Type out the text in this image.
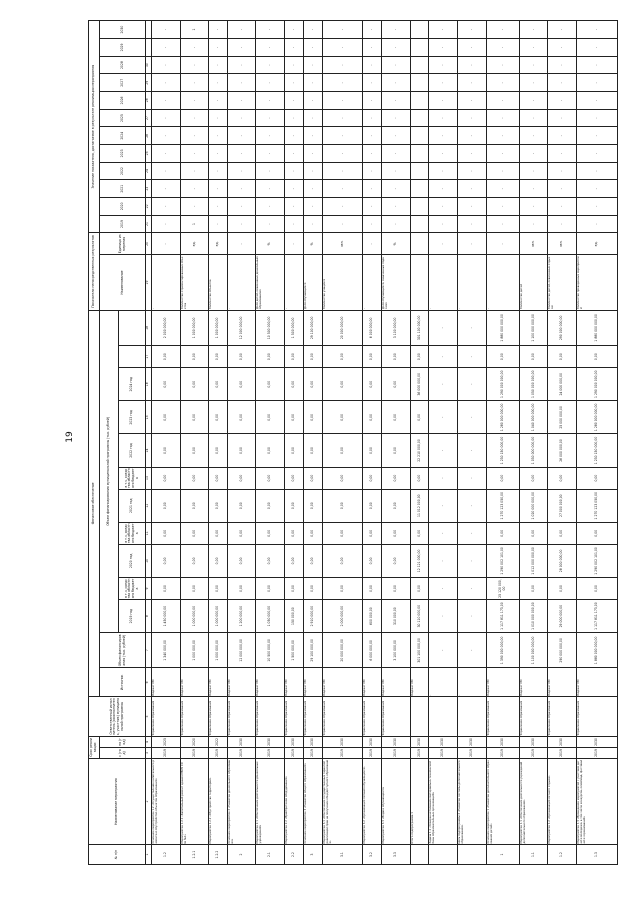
19
№ п/п	Наименование мероприятия	Срок реализации		Ответственный исполнитель (соисполнитель, участник) муниципальной программы	Финансовое обеспечение													Показатели непосредственных результатов		Значение показателя, достигаемое в результате реализации мероприятия											
		с (год)	по (год)		Источник	Объем финансирования (тыс. рублей)	Объем финансирования муниципальной программы (тыс. рублей)											Наименование	Единица измерения	2019	2020	2021	2022	2023	2024	2025	2026	2027	2028	2029	2030
							2019 год	в т.ч. средства областного бюджета	2020 год	в т.ч. средства областного бюджета	2021 год	в т.ч. средства областного бюджета	2022 год	2023 год	2024 год																
1	2	3	4	5	6	7	8	9	10	11	12	13	14	15	16	17	18	19	20	21	22	23	24	25	26	27	28	29	30		
1.2	Основное мероприятие 1.2 «Осуществление капитального ремонта и обустройство объектов образования»	2019	2025	Управление образования	Бюджет МО	1 340 000,00	1 450 000,00	0,00	0,00	0,00	0,00	0,00	0,00	0,00	0,00	0,00	2 000 000,00	-	-	-	-	-	-	-	-	-	-	-	-	-	-
1.2.1	Мероприятие 1.2.1 «Капитальный ремонт здания МБОУ СОШ №1»	2019	2020	Управление образования	Бюджет МО	1 000 000,00	1 000 000,00	0,00	0,00	0,00	0,00	0,00	0,00	0,00	0,00	0,00	1 000 000,00	Количество отремонтированных объектов	ед.	1	-	-	-	-	-	-	-	-	-	-	1
1.2.2	Мероприятие 1.2.2 «Обустройство территории»	2019	2022	Управление образования	Бюджет МО	1 000 000,00	1 000 000,00	0,00	0,00	0,00	0,00	0,00	0,00	0,00	0,00	0,00	1 000 000,00	Количество объектов	ед.	-	-	-	-	-	-	-	-	-	-	-	-
2	Основное мероприятие 2 «Развитие дошкольного образования»	2019	2030	Управление образования	Бюджет МО	12 000 000,00	1 200 000,00	0,00	0,00	0,00	0,00	0,00	0,00	0,00	0,00	0,00	12 000 000,00	-	-	-	-	-	-	-	-	-	-	-	-	-	-
2.1	Мероприятие 2.1 «Обеспечение деятельности дошкольных учреждений»	2019	2030	Управление образования	Бюджет МО	10 500 000,00	1 050 000,00	0,00	0,00	0,00	0,00	0,00	0,00	0,00	0,00	0,00	10 500 000,00	Доля детей, охваченных дошкольным образованием	%	-	-	-	-	-	-	-	-	-	-	-	-
2.2	Мероприятие 2.2 «Приобретение оборудования»	2019	2030	Управление образования	Бюджет МО	1 500 000,00	150 000,00	0,00	0,00	0,00	0,00	0,00	0,00	0,00	0,00	0,00	1 500 000,00	-	-	-	-	-	-	-	-	-	-	-	-	-	-
3	Основное мероприятие 3 «Развитие общего образования»	2019	2030	Управление образования	Бюджет МО	29 100 000,00	2 910 000,00	0,00	0,00	0,00	0,00	0,00	0,00	0,00	0,00	0,00	29 100 000,00	Доля обучающихся	%	-	-	-	-	-	-	-	-	-	-	-	-
3.1	Мероприятие 3.1 «Обеспечение государственных гарантий реализации прав на получение общедоступного образования»	2019	2030	Управление образования	Бюджет МО	20 000 000,00	2 000 000,00	0,00	0,00	0,00	0,00	0,00	0,00	0,00	0,00	0,00	20 000 000,00	Количество учащихся	чел.	-	-	-	-	-	-	-	-	-	-	-	-
3.2	Мероприятие 3.2 «Организация питания обучающихся»	2019	2030	Управление образования	Бюджет МО	6 000 000,00	600 000,00	0,00	0,00	0,00	0,00	0,00	0,00	0,00	0,00	0,00	6 000 000,00	-	-	-	-	-	-	-	-	-	-	-	-	-	-
3.3	Мероприятие 3.3 «Подвоз обучающихся»	2019	2030	Управление образования	Бюджет МО	3 100 000,00	310 000,00	0,00	0,00	0,00	0,00	0,00	0,00	0,00	0,00	0,00	3 100 000,00	Доля обучающихся, охваченных подвозом	%	-	-	-	-	-	-	-	-	-	-	-	-
	Итого подпрограмма 1	2019	2030		Бюджет МО	301 100 000,00	30 110 000,00	0,00	12 121 000,00	0,00	11 012 000,00	0,00	22 210 000,00	0,00	36 000 000,00	0,00	301 100 000,00														
	Задача 1.1 «Совершенствование материально-технической базы образовательных организаций»	2019	2030		-	-	-	-	-	-	-	-	-	-	-	-	-	-	-	-	-	-	-	-	-	-	-	-	-	-	-
	Цель подпрограммы 2 «Развитие системы дополнительного образования»	2019	2030		-	-	-	-	-	-	-	-	-	-	-	-	-	-	-	-	-	-	-	-	-	-	-	-	-	-	-
1	Основное мероприятие 1 «Развитие дополнительного образования детей»	2019	2030	Управление образования	Бюджет МО	1 390 000 000,00	1 117 811 173,00	25 120 000,00	1 290 002 101,00	0,00	1 270 123 050,00	0,00	1 230 150 000,00	1 280 000 000,00	1 290 000 000,00	0,00	1 880 000 000,00	-	-	-	-	-	-	-	-	-	-	-	-	-	-
1.1	Мероприятие 1.1 «Обеспечение деятельности учреждений дополнительного образования»	2019	2030	Управление образования	Бюджет МО	1 100 000 000,00	1 010 000 000,00	0,00	1 012 000 000,00	0,00	1 020 000 000,00	0,00	1 030 000 000,00	1 040 000 000,00	1 050 000 000,00	0,00	1 100 000 000,00	Количество детей	чел.	-	-	-	-	-	-	-	-	-	-	-	-
1.2	Мероприятие 1.2 «Организация летнего отдыха»	2019	2030	Управление образования	Бюджет МО	290 000 000,00	29 000 000,00	0,00	28 000 000,00	0,00	27 000 000,00	0,00	26 000 000,00	25 000 000,00	24 000 000,00	0,00	290 000 000,00	Количество детей, охваченных отдыхом	чел.	-	-	-	-	-	-	-	-	-	-	-	-
1.3	Мероприятие 1.3 «Проведение мероприятий с участием детей и молодежи, в том числе конкурсов, олимпиад, фестивалей и соревнований»	2019	2030	Управление образования	Бюджет МО	1 880 000 000,00	1 117 811 173,00	0,00	1 290 002 101,00	0,00	1 270 123 050,00	0,00	1 230 150 000,00	1 280 000 000,00	1 290 000 000,00	0,00	1 880 000 000,00	Количество проведенных мероприятий	ед.	-	-	-	-	-	-	-	-	-	-	-	-
